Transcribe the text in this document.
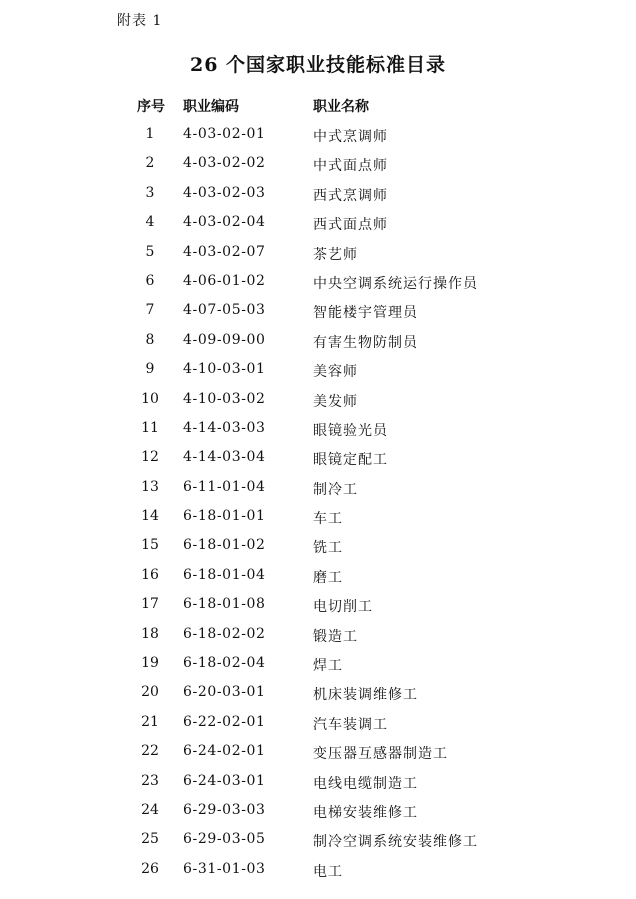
附表 1
26 个国家职业技能标准目录
序号 职业编码	职业名称
1	4-03-02-01	中式烹调师
2	4-03-02-02	中式面点师
3	4-03-02-03	西式烹调师
4	4-03-02-04	西式面点师
5	4-03-02-07	茶艺师
6	4-06-01-02	中央空调系统运行操作员
7	4-07-05-03	智能楼宇管理员
8	4-09-09-00	有害生物防制员
9	4-10-03-01	美容师
10 4-10-03-02	美发师
11 4-14-03-03	眼镜验光员
12 4-14-03-04	眼镜定配工
13 6-11-01-04	制冷工
14 6-18-01-01	车工
15 6-18-01-02	铣工
16 6-18-01-04	磨工
17 6-18-01-08	电切削工
18 6-18-02-02	锻造工
19 6-18-02-04	焊工
20 6-20-03-01	机床装调维修工
21 6-22-02-01	汽车装调工
22 6-24-02-01	变压器互感器制造工
23 6-24-03-01	电线电缆制造工
24 6-29-03-03	电梯安装维修工
25 6-29-03-05	制冷空调系统安装维修工
26 6-31-01-03	电工
